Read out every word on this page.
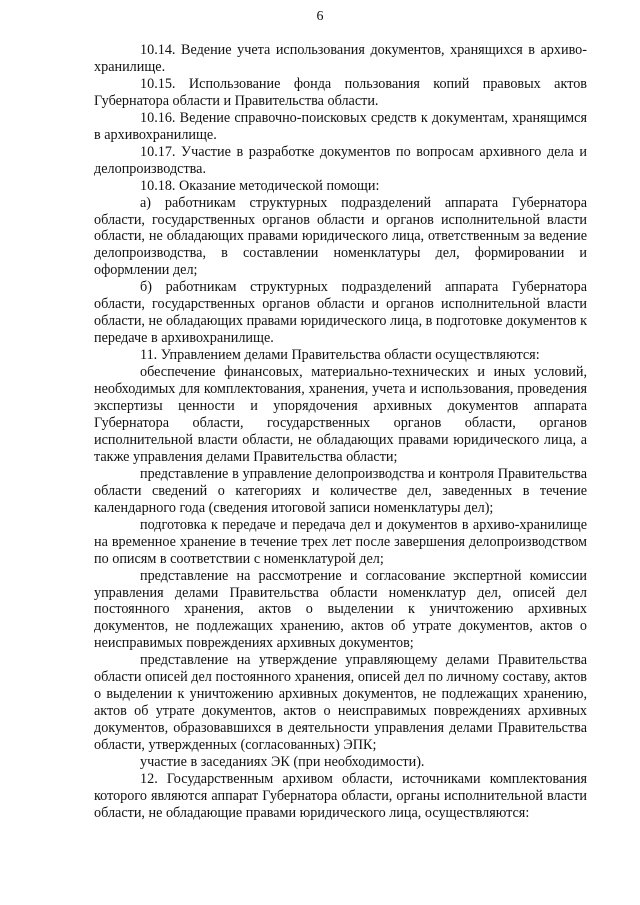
6

10.14. Ведение учета использования документов, хранящихся в архиво-хранилище.

10.15. Использование фонда пользования копий правовых актов Губернатора области и Правительства области.

10.16. Ведение справочно-поисковых средств к документам, хранящимся в архивохранилище.

10.17. Участие в разработке документов по вопросам архивного дела и делопроизводства.

10.18. Оказание методической помощи:

а) работникам структурных подразделений аппарата Губернатора области, государственных органов области и органов исполнительной власти области, не обладающих правами юридического лица, ответственным за ведение делопроизводства, в составлении номенклатуры дел, формировании и оформлении дел;

б) работникам структурных подразделений аппарата Губернатора области, государственных органов области и органов исполнительной власти области, не обладающих правами юридического лица, в подготовке документов к передаче в архивохранилище.

11. Управлением делами Правительства области осуществляются:

обеспечение финансовых, материально-технических и иных условий, необходимых для комплектования, хранения, учета и использования, проведения экспертизы ценности и упорядочения архивных документов аппарата Губернатора области, государственных органов области, органов исполнительной власти области, не обладающих правами юридического лица, а также управления делами Правительства области;

представление в управление делопроизводства и контроля Правительства области сведений о категориях и количестве дел, заведенных в течение календарного года (сведения итоговой записи номенклатуры дел);

подготовка к передаче и передача дел и документов в архиво-хранилище на временное хранение в течение трех лет после завершения делопроизводством по описям в соответствии с номенклатурой дел;

представление на рассмотрение и согласование экспертной комиссии управления делами Правительства области номенклатур дел, описей дел постоянного хранения, актов о выделении к уничтожению архивных документов, не подлежащих хранению, актов об утрате документов, актов о неисправимых повреждениях архивных документов;

представление на утверждение управляющему делами Правительства области описей дел постоянного хранения, описей дел по личному составу, актов о выделении к уничтожению архивных документов, не подлежащих хранению, актов об утрате документов, актов о неисправимых повреждениях архивных документов, образовавшихся в деятельности управления делами Правительства области, утвержденных (согласованных) ЭПК;

участие в заседаниях ЭК (при необходимости).

12. Государственным архивом области, источниками комплектования которого являются аппарат Губернатора области, органы исполнительной власти области, не обладающие правами юридического лица, осуществляются:
